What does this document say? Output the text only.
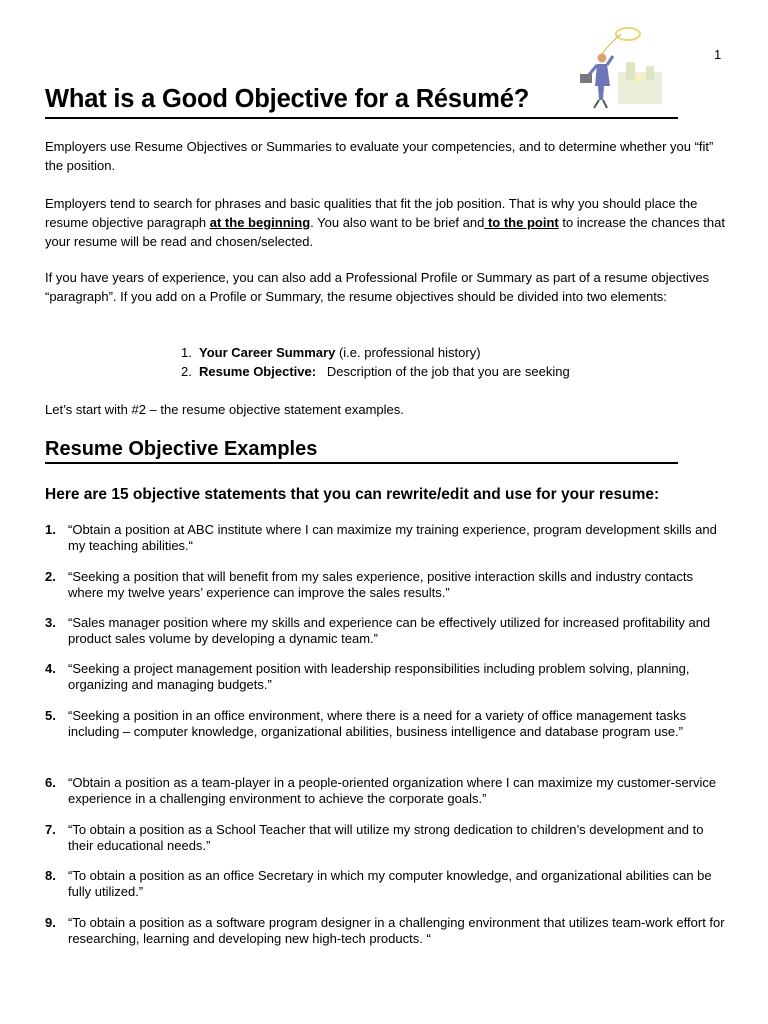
1
What is a Good Objective for a Résumé?
Employers use Resume Objectives or Summaries to evaluate your competencies, and to determine whether you “fit” the position.
Employers tend to search for phrases and basic qualities that fit the job position. That is why you should place the resume objective paragraph at the beginning. You also want to be brief and to the point to increase the chances that your resume will be read and chosen/selected.
If you have years of experience, you can also add a Professional Profile or Summary as part of a resume objectives “paragraph”. If you add on a Profile or Summary, the resume objectives should be divided into two elements:
1. Your Career Summary (i.e. professional history)
2. Resume Objective:   Description of the job that you are seeking
Let’s start with #2 – the resume objective statement examples.
Resume Objective Examples
Here are 15 objective statements that you can rewrite/edit and use for your resume:
1. “Obtain a position at ABC institute where I can maximize my training experience, program development skills and my teaching abilities.“
2. “Seeking a position that will benefit from my sales experience, positive interaction skills and industry contacts where my twelve years’ experience can improve the sales results.”
3. “Sales manager position where my skills and experience can be effectively utilized for increased profitability and product sales volume by developing a dynamic team.”
4. “Seeking a project management position with leadership responsibilities including problem solving, planning, organizing and managing budgets.”
5. “Seeking a position in an office environment, where there is a need for a variety of office management tasks including – computer knowledge, organizational abilities, business intelligence and database program use.”
6. “Obtain a position as a team-player in a people-oriented organization where I can maximize my customer-service experience in a challenging environment to achieve the corporate goals.”
7. “To obtain a position as a School Teacher that will utilize my strong dedication to children’s development and to their educational needs.”
8. “To obtain a position as an office Secretary in which my computer knowledge, and organizational abilities can be fully utilized.”
9. “To obtain a position as a software program designer in a challenging environment that utilizes team-work effort for researching, learning and developing new high-tech products. “
